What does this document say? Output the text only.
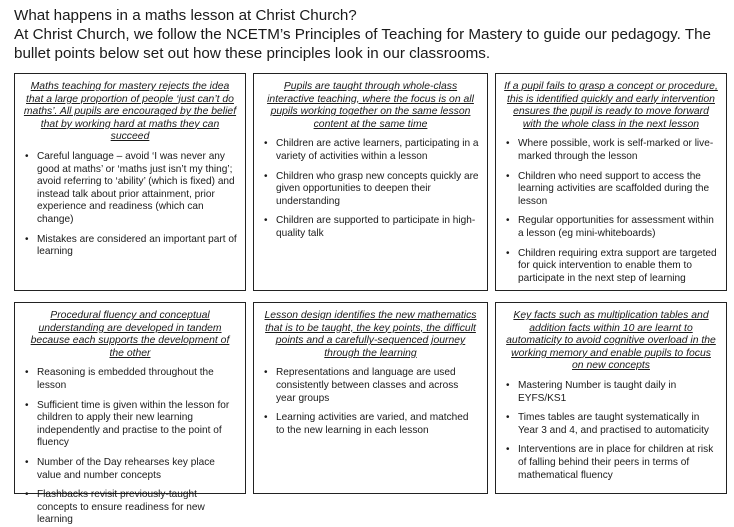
What happens in a maths lesson at Christ Church?

At Christ Church, we follow the NCETM’s Principles of Teaching for Mastery to guide our pedagogy. The bullet points below set out how these principles look in our classrooms.

Maths teaching for mastery rejects the idea that a large proportion of people ‘just can’t do maths’. All pupils are encouraged by the belief that by working hard at maths they can succeed

• Careful language – avoid ‘I was never any good at maths’ or ‘maths just isn’t my thing’; avoid referring to ‘ability’ (which is fixed) and instead talk about prior attainment, prior experience and readiness (which can change)
• Mistakes are considered an important part of learning

Pupils are taught through whole-class interactive teaching, where the focus is on all pupils working together on the same lesson content at the same time

• Children are active learners, participating in a variety of activities within a lesson
• Children who grasp new concepts quickly are given opportunities to deepen their understanding
• Children are supported to participate in high-quality talk

If a pupil fails to grasp a concept or procedure, this is identified quickly and early intervention ensures the pupil is ready to move forward with the whole class in the next lesson

• Where possible, work is self-marked or live-marked through the lesson
• Children who need support to access the learning activities are scaffolded during the lesson
• Regular opportunities for assessment within a lesson (eg mini-whiteboards)
• Children requiring extra support are targeted for quick intervention to enable them to participate in the next step of learning

Procedural fluency and conceptual understanding are developed in tandem because each supports the development of the other

• Reasoning is embedded throughout the lesson
• Sufficient time is given within the lesson for children to apply their new learning independently and practise to the point of fluency
• Number of the Day rehearses key place value and number concepts
• Flashbacks revisit previously-taught concepts to ensure readiness for new learning

Lesson design identifies the new mathematics that is to be taught, the key points, the difficult points and a carefully-sequenced journey through the learning

• Representations and language are used consistently between classes and across year groups
• Learning activities are varied, and matched to the new learning in each lesson

Key facts such as multiplication tables and addition facts within 10 are learnt to automaticity to avoid cognitive overload in the working memory and enable pupils to focus on new concepts

• Mastering Number is taught daily in EYFS/KS1
• Times tables are taught systematically in Year 3 and 4, and practised to automaticity
• Interventions are in place for children at risk of falling behind their peers in terms of mathematical fluency
